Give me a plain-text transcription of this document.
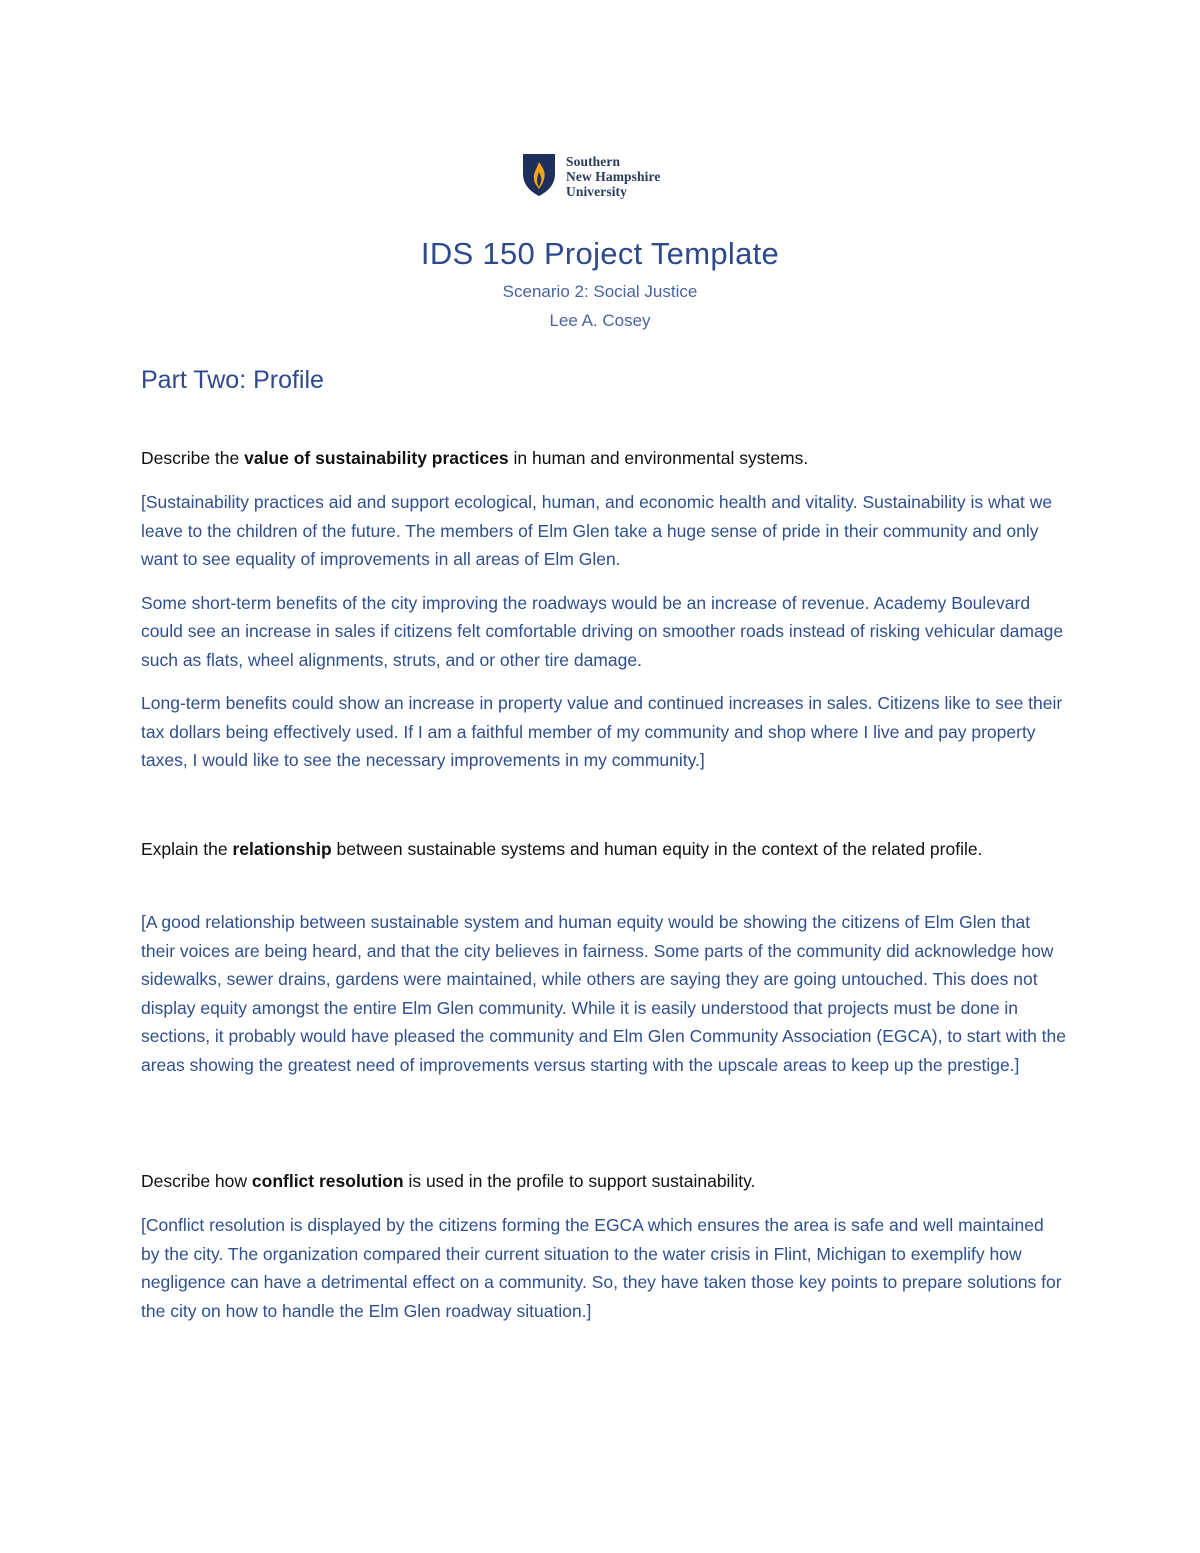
Southern
New Hampshire
University
IDS 150 Project Template
Scenario 2: Social Justice
Lee A. Cosey
Part Two: Profile
Describe the value of sustainability practices in human and environmental systems.

[Sustainability practices aid and support ecological, human, and economic health and vitality. Sustainability is what we leave to the children of the future. The members of Elm Glen take a huge sense of pride in their community and only want to see equality of improvements in all areas of Elm Glen.

Some short-term benefits of the city improving the roadways would be an increase of revenue. Academy Boulevard could see an increase in sales if citizens felt comfortable driving on smoother roads instead of risking vehicular damage such as flats, wheel alignments, struts, and or other tire damage.

Long-term benefits could show an increase in property value and continued increases in sales. Citizens like to see their tax dollars being effectively used. If I am a faithful member of my community and shop where I live and pay property taxes, I would like to see the necessary improvements in my community.]

Explain the relationship between sustainable systems and human equity in the context of the related profile.

[A good relationship between sustainable system and human equity would be showing the citizens of Elm Glen that their voices are being heard, and that the city believes in fairness. Some parts of the community did acknowledge how sidewalks, sewer drains, gardens were maintained, while others are saying they are going untouched. This does not display equity amongst the entire Elm Glen community. While it is easily understood that projects must be done in sections, it probably would have pleased the community and Elm Glen Community Association (EGCA), to start with the areas showing the greatest need of improvements versus starting with the upscale areas to keep up the prestige.]

Describe how conflict resolution is used in the profile to support sustainability.

[Conflict resolution is displayed by the citizens forming the EGCA which ensures the area is safe and well maintained by the city. The organization compared their current situation to the water crisis in Flint, Michigan to exemplify how negligence can have a detrimental effect on a community. So, they have taken those key points to prepare solutions for the city on how to handle the Elm Glen roadway situation.]
